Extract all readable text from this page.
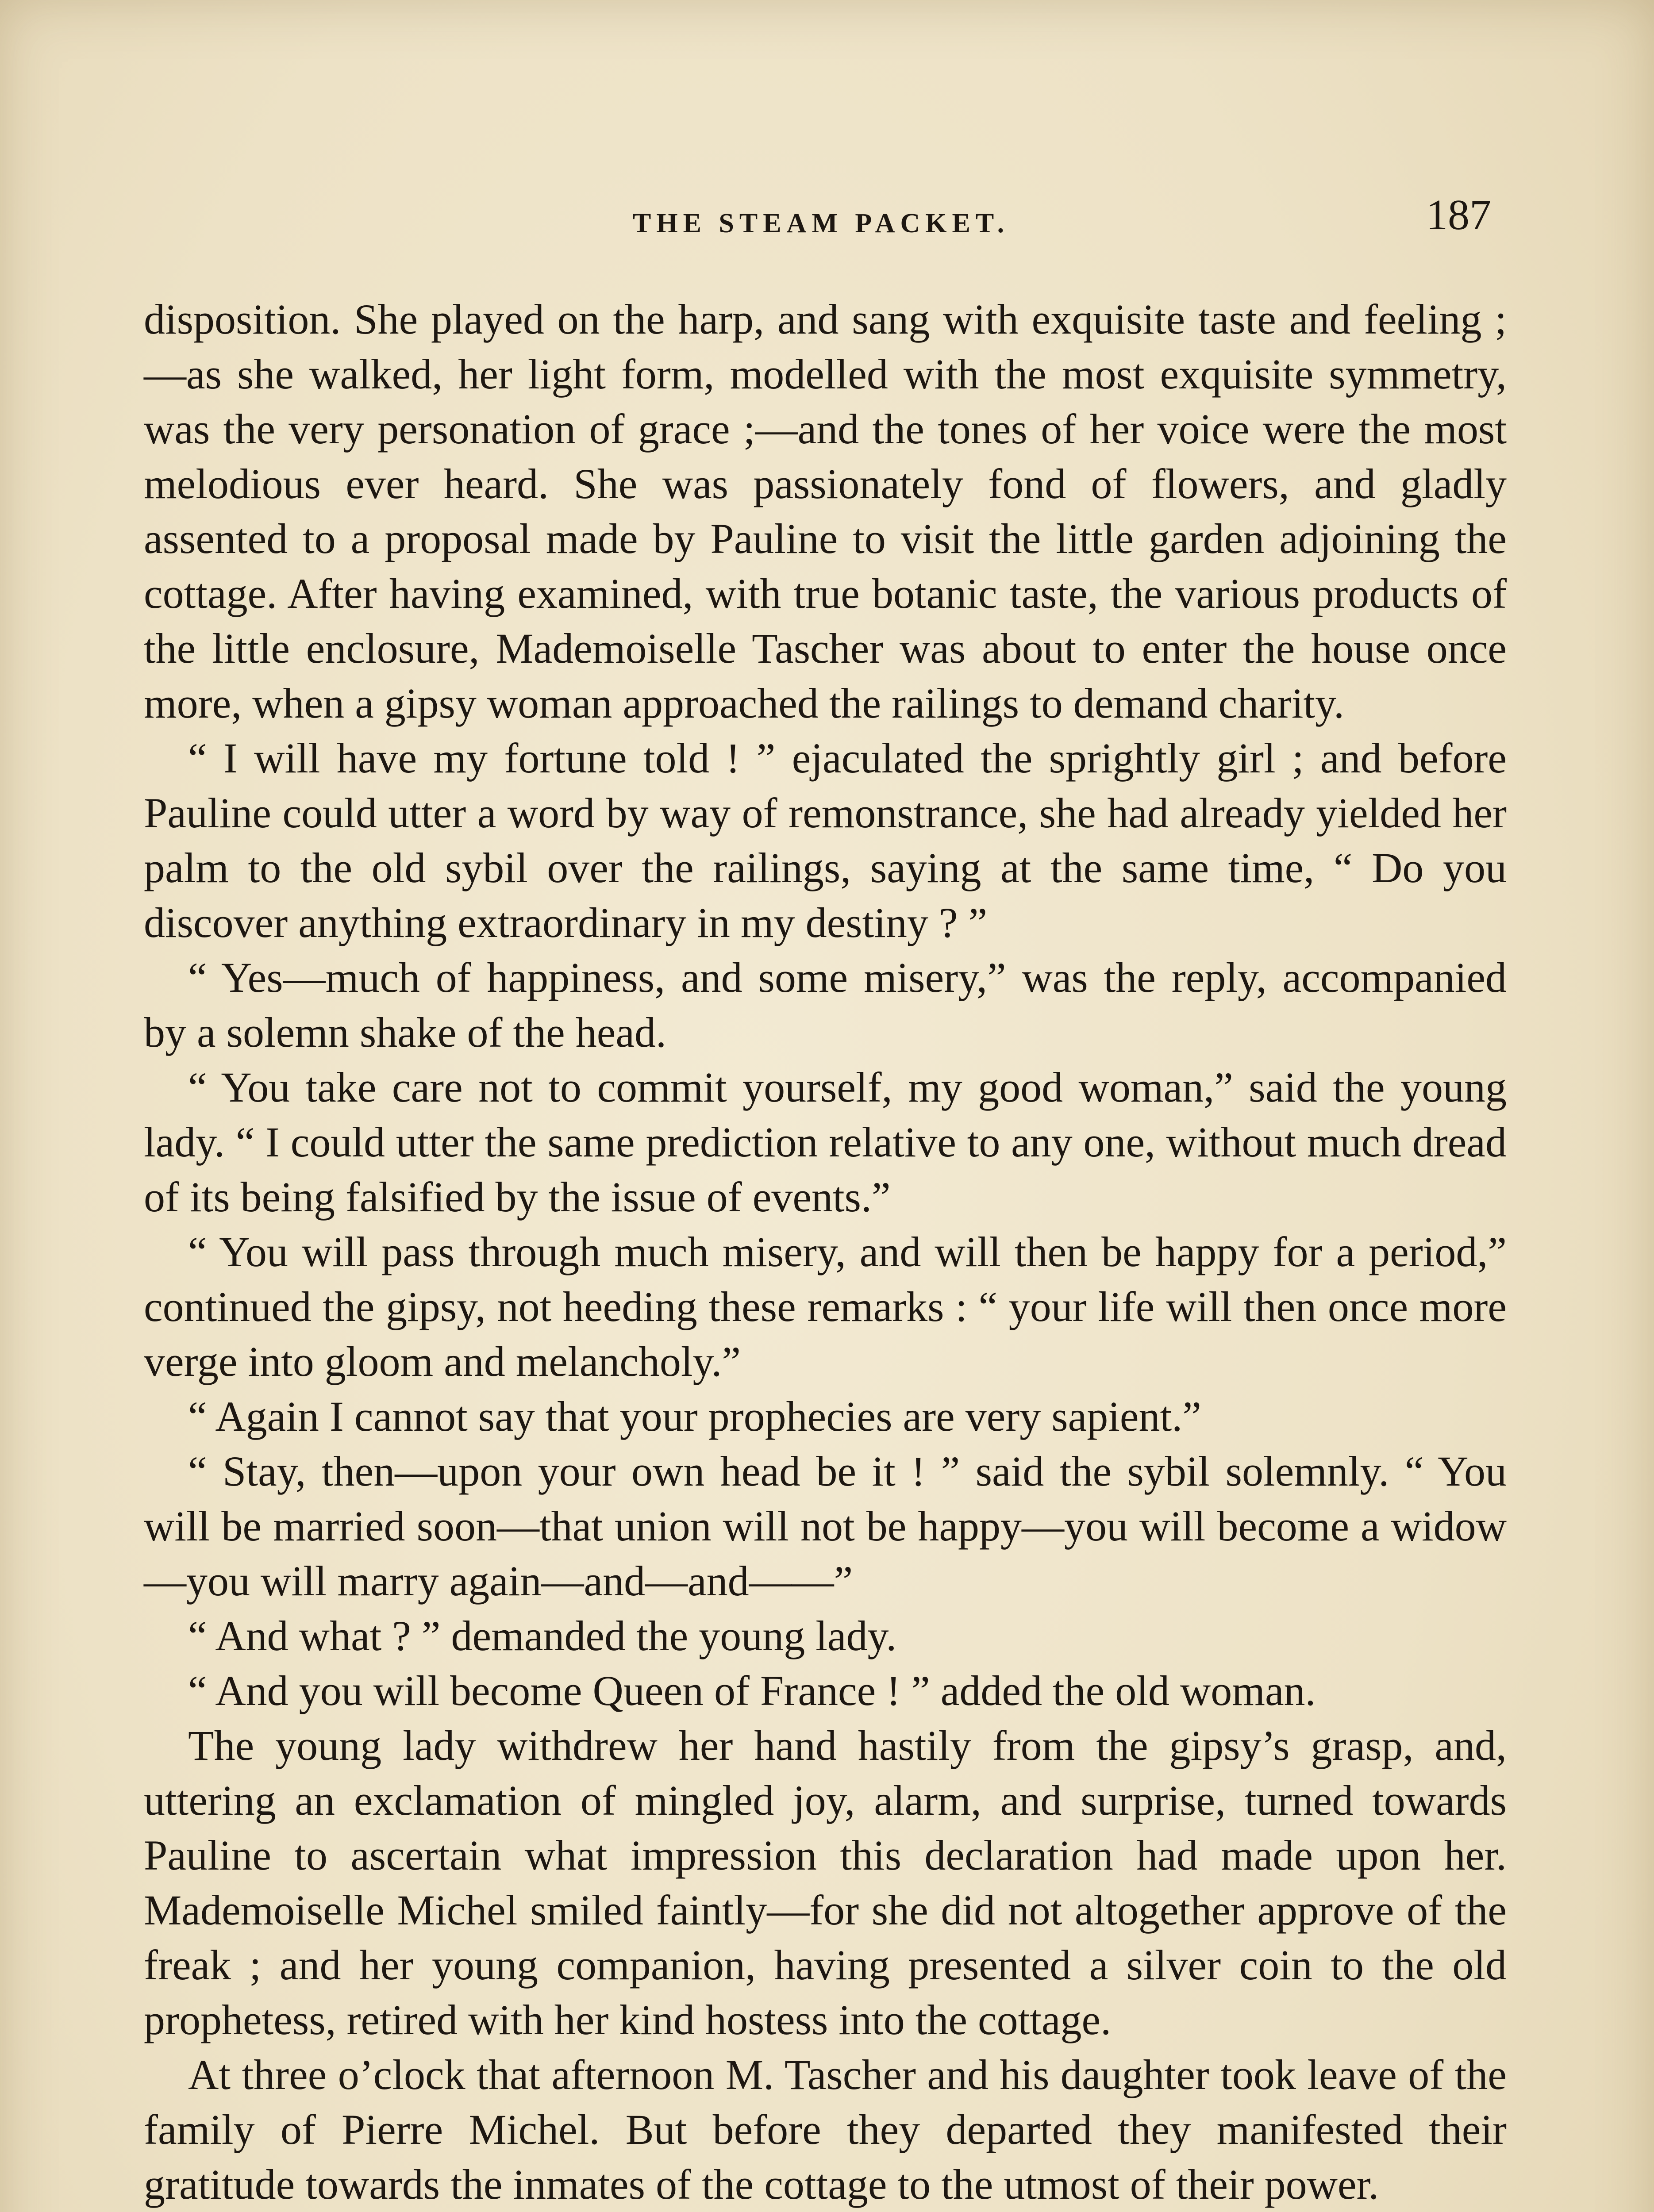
THE STEAM PACKET.	187

disposition. She played on the harp, and sang with exquisite taste and feeling ;—as she walked, her light form, modelled with the most exquisite symmetry, was the very personation of grace ;—and the tones of her voice were the most melodious ever heard. She was passionately fond of flowers, and gladly assented to a proposal made by Pauline to visit the little garden adjoining the cottage. After having examined, with true botanic taste, the various products of the little enclosure, Mademoiselle Tascher was about to enter the house once more, when a gipsy woman approached the railings to demand charity.

“ I will have my fortune told ! ” ejaculated the sprightly girl ; and before Pauline could utter a word by way of remonstrance, she had already yielded her palm to the old sybil over the railings, saying at the same time, “ Do you discover anything extraordinary in my destiny ? ”

“ Yes—much of happiness, and some misery,” was the reply, accompanied by a solemn shake of the head.

“ You take care not to commit yourself, my good woman,” said the young lady. “ I could utter the same prediction relative to any one, without much dread of its being falsified by the issue of events.”

“ You will pass through much misery, and will then be happy for a period,” continued the gipsy, not heeding these remarks : “ your life will then once more verge into gloom and melancholy.”

“ Again I cannot say that your prophecies are very sapient.”

“ Stay, then—upon your own head be it ! ” said the sybil solemnly. “ You will be married soon—that union will not be happy—you will become a widow—you will marry again—and—and——”

“ And what ? ” demanded the young lady.

“ And you will become Queen of France ! ” added the old woman.

The young lady withdrew her hand hastily from the gipsy’s grasp, and, uttering an exclamation of mingled joy, alarm, and surprise, turned towards Pauline to ascertain what impression this declaration had made upon her. Mademoiselle Michel smiled faintly—for she did not altogether approve of the freak ; and her young companion, having presented a silver coin to the old prophetess, retired with her kind hostess into the cottage.

At three o’clock that afternoon M. Tascher and his daughter took leave of the family of Pierre Michel. But before they departed they manifested their gratitude towards the inmates of the cottage to the utmost of their power.
